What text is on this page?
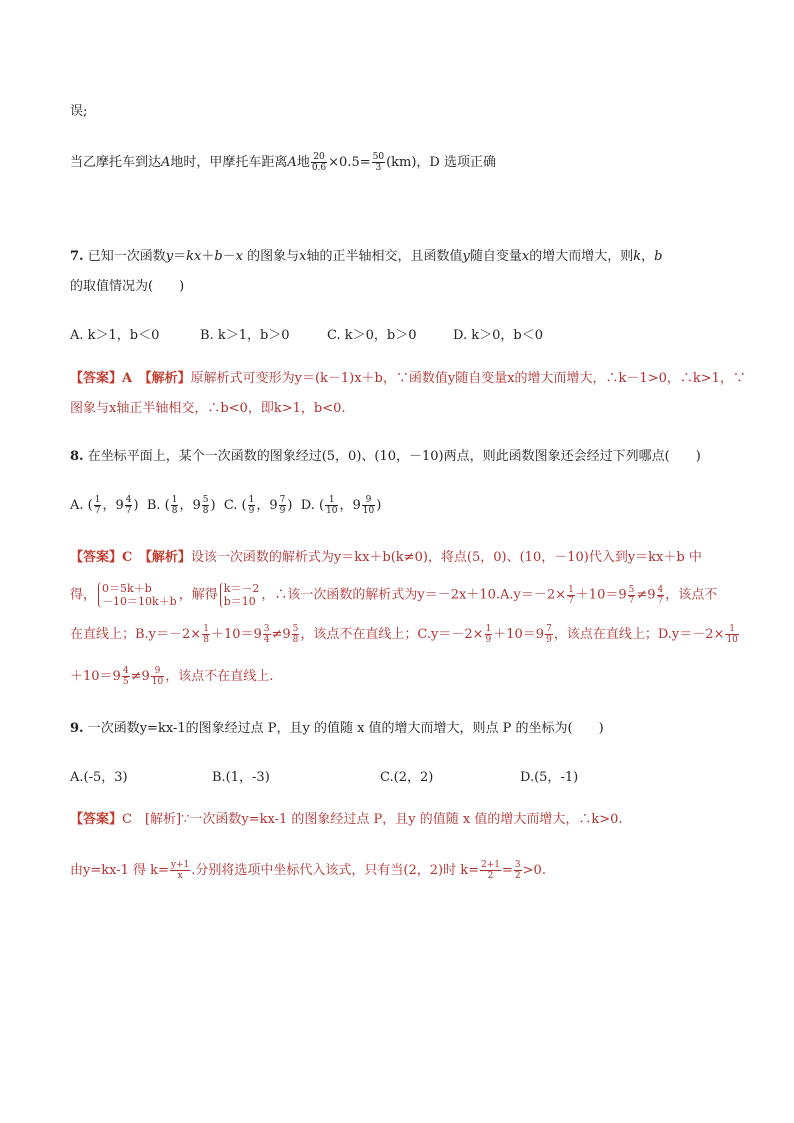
误;
当乙摩托车到达A地时，甲摩托车距离A地 $\frac{20}{0.6} \times 0.5= \frac{50}{3} (km)$，D 选项正确
7. 已知一次函数y＝kx＋b－x 的图象与x轴的正半轴相交，且函数值y随自变量x的增大而增大，则k，b
的取值情况为(　　)
A. k＞1，b＜0	B. k＞1，b＞0	C. k＞0，b＞0	D. k＞0，b＜0
【答案】A　【解析】原解析式可变形为y＝(k－1)x＋b，∵函数值y随自变量x的增大而增大，∴k－1>0，∴k>1，∵
图象与x轴正半轴相交，∴b<0，即k>1，b<0.
8. 在坐标平面上，某个一次函数的图象经过(5，0)、(10，－10)两点，则此函数图象还会经过下列哪点(　　)
A. ( $\frac{1}{7}$ ，$9 \frac{4}{7}$ ) B. ( $\frac{1}{8}$ ，$9 \frac{5}{8}$ ) C. ( $\frac{1}{9}$ ，$9 \frac{7}{9}$ ) D. ( $\frac{1}{10}$ ，$9 \frac{9}{10}$ )
【答案】C　【解析】设该一次函数的解析式为y＝kx＋b(k≠0)，将点(5，0)、(10，－10)代入到y＝kx＋b 中
得， 0＝5k＋b
－10＝10k＋b ，解得 k＝－2
b＝10 ，∴该一次函数的解析式为$y=-2x+10.A.y=-2\times \frac{1}{7} +10=9 \frac{5}{7} \ne 9 \frac{4}{7}$ ，该点不
在直线上；$B.y=-2\times \frac{1}{8} +10=9 \frac{3}{4} \ne 9 \frac{5}{8}$ ，该点不在直线上；$C.y=-2\times \frac{1}{9} +10=9 \frac{7}{9}$ ，该点在直线上；$D.y=-2\times \frac{1}{10}$
$+10=9 \frac{4}{5} \ne 9 \frac{9}{10}$ ，该点不在直线上.
9. 一次函数y=kx-1的图象经过点 P，且y 的值随 x 值的增大而增大，则点 P 的坐标为(　　)
A.(-5，3)	B.(1，-3)	C.(2，2)	D.(5，-1)
【答案】C　[解析]∵一次函数y=kx-1 的图象经过点 P，且y 的值随 x 值的增大而增大，∴k>0.
由y=kx-1 得 $k= \frac{y+1}{x}$ .分别将选项中坐标代入该式，只有当(2，2)时 $k= \frac{2+1}{2} = \frac{3}{2} >0$.
